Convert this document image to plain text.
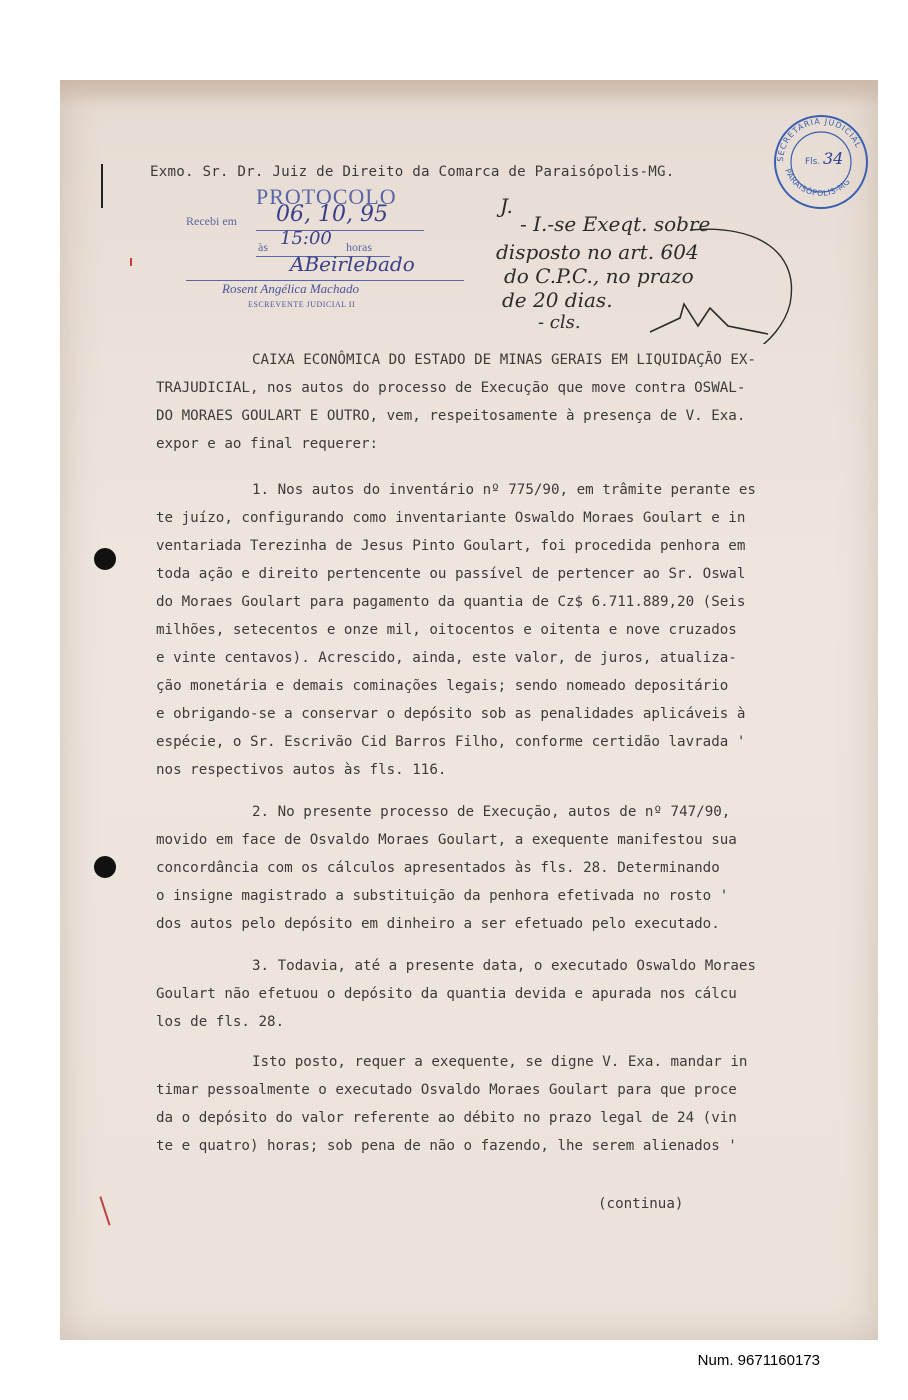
Exmo. Sr. Dr. Juiz de Direito da Comarca de Paraisópolis-MG.
PROTOCOLO
Recebi em 06, 10, 95
às 15:00 horas
ABeirlebado
Rosent Angélica Machado
ESCREVENTE JUDICIAL II

J.

- I.-se Exeqt. sobre

disposto no art. 604

do C.P.C., no prazo

de 20 dias.

- cls.

SECRETARIA JUDICIAL
PARAISÓPOLIS-MG
Fls. 34
CAIXA ECONÔMICA DO ESTADO DE MINAS GERAIS EM LIQUIDAÇÃO EX-
TRAJUDICIAL, nos autos do processo de Execução que move contra OSWAL-
DO MORAES GOULART E OUTRO, vem, respeitosamente à presença de V. Exa.
expor e ao final requerer:
1. Nos autos do inventário nº 775/90, em trâmite perante es
te juízo, configurando como inventariante Oswaldo Moraes Goulart e in
ventariada Terezinha de Jesus Pinto Goulart, foi procedida penhora em
toda ação e direito pertencente ou passível de pertencer ao Sr. Oswal
do Moraes Goulart para pagamento da quantia de Cz$ 6.711.889,20 (Seis
milhões, setecentos e onze mil, oitocentos e oitenta e nove cruzados
e vinte centavos). Acrescido, ainda, este valor, de juros, atualiza-
ção monetária e demais cominações legais; sendo nomeado depositário
e obrigando-se a conservar o depósito sob as penalidades aplicáveis à
espécie, o Sr. Escrivão Cid Barros Filho, conforme certidão lavrada '
nos respectivos autos às fls. 116.
2. No presente processo de Execução, autos de nº 747/90,
movido em face de Osvaldo Moraes Goulart, a exequente manifestou sua
concordância com os cálculos apresentados às fls. 28. Determinando
o insigne magistrado a substituição da penhora efetivada no rosto '
dos autos pelo depósito em dinheiro a ser efetuado pelo executado.
3. Todavia, até a presente data, o executado Oswaldo Moraes
Goulart não efetuou o depósito da quantia devida e apurada nos cálcu
los de fls. 28.
Isto posto, requer a exequente, se digne V. Exa. mandar in
timar pessoalmente o executado Osvaldo Moraes Goulart para que proce
da o depósito do valor referente ao débito no prazo legal de 24 (vin
te e quatro) horas; sob pena de não o fazendo, lhe serem alienados '
(continua)
Num. 9671160173
